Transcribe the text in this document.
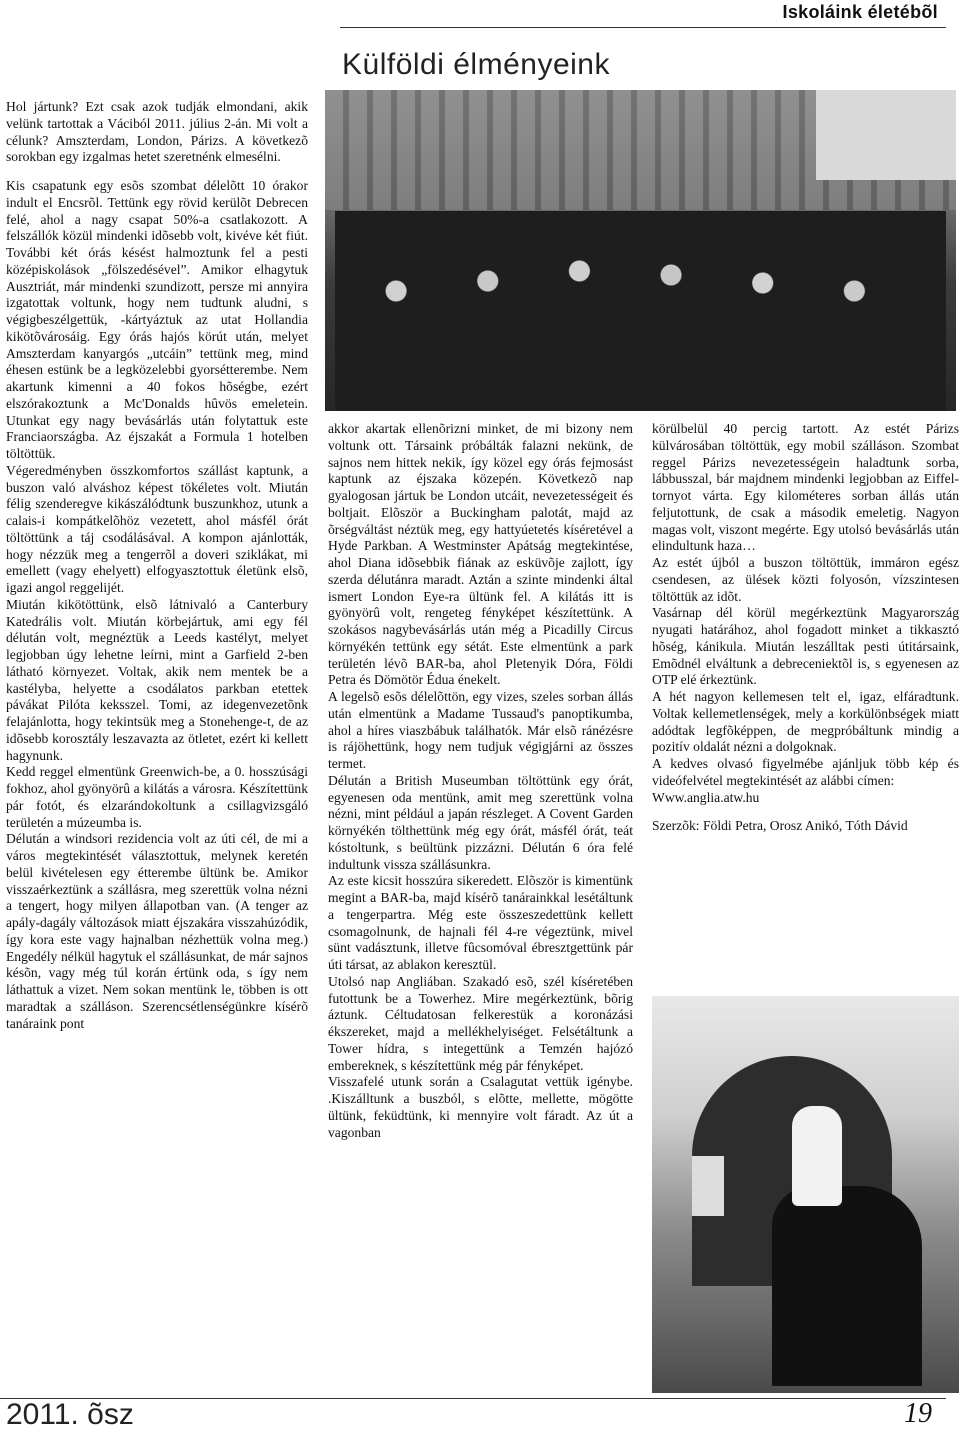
Iskoláink életébõl
Külföldi élményeink

Hol jártunk? Ezt csak azok tudják elmondani, akik velünk tartottak a Váciból 2011. július 2-án. Mi volt a célunk? Amszterdam, London, Párizs. A következõ sorokban egy izgalmas hetet szeretnénk elmesélni.

Kis csapatunk egy esõs szombat délelõtt 10 órakor indult el Encsrõl. Tettünk egy rövid kerülõt Debrecen felé, ahol a nagy csapat 50%-a csatlakozott. A felszállók közül mindenki idõsebb volt, kivéve két fiút. További két órás késést halmoztunk fel a pesti középiskolások „fölszedésével”. Amikor elhagytuk Ausztriát, már mindenki szundizott, persze mi annyira izgatottak voltunk, hogy nem tudtunk aludni, s végigbeszélgettük, -kártyáztuk az utat Hollandia kikötõvárosáig. Egy órás hajós körút után, melyet Amszterdam kanyargós „utcáin” tettünk meg, mind éhesen estünk be a legközelebbi gyorsétterembe. Nem akartunk kimenni a 40 fokos hõségbe, ezért elszórakoztunk a Mc'Donalds hûvös emeletein. Utunkat egy nagy bevásárlás után folytattuk este Franciaországba. Az éjszakát a Formula 1 hotelben töltöttük.

Végeredményben összkomfortos szállást kaptunk, a buszon való alváshoz képest tökéletes volt. Miután félig szenderegve kikászálódtunk buszunkhoz, utunk a calais-i kompátkelõhöz vezetett, ahol másfél órát töltöttünk a táj csodálásával. A kompon ajánlották, hogy nézzük meg a tengerrõl a doveri sziklákat, mi emellett (vagy ehelyett) elfogyasztottuk életünk elsõ, igazi angol reggelijét.

Miután kikötöttünk, elsõ látnivaló a Canterbury Katedrális volt. Miután körbejártuk, ami egy fél délután volt, megnéztük a Leeds kastélyt, melyet legjobban úgy lehetne leírni, mint a Garfield 2-ben látható környezet. Voltak, akik nem mentek be a kastélyba, helyette a csodálatos parkban etettek pávákat Pilóta keksszel. Tomi, az idegenvezetõnk felajánlotta, hogy tekintsük meg a Stonehenge-t, de az idõsebb korosztály leszavazta az ötletet, ezért ki kellett hagynunk.

Kedd reggel elmentünk Greenwich-be, a 0. hosszúsági fokhoz, ahol gyönyörû a kilátás a városra. Készítettünk pár fotót, és elzarándokoltunk a csillagvizsgáló területén a múzeumba is.

Délután a windsori rezidencia volt az úti cél, de mi a város megtekintését választottuk, melynek keretén belül kivételesen egy étterembe ültünk be. Amikor visszaérkeztünk a szállásra, meg szerettük volna nézni a tengert, hogy milyen állapotban van. (A tenger az apály-dagály változások miatt éjszakára visszahúzódik, így kora este vagy hajnalban nézhettük volna meg.) Engedély nélkül hagytuk el szállásunkat, de már sajnos késõn, vagy még túl korán értünk oda, s így nem láthattuk a vizet. Nem sokan mentünk le, többen is ott maradtak a szálláson. Szerencsétlenségünkre kísérõ tanáraink pont

akkor akartak ellenõrizni minket, de mi bizony nem voltunk ott. Társaink próbálták falazni nekünk, de sajnos nem hittek nekik, így közel egy órás fejmosást kaptunk az éjszaka közepén. Következõ nap gyalogosan jártuk be London utcáit, nevezetességeit és boltjait. Elõször a Buckingham palotát, majd az õrségváltást néztük meg, egy hattyúetetés kíséretével a Hyde Parkban. A Westminster Apátság megtekintése, ahol Diana idõsebbik fiának az esküvõje zajlott, így szerda délutánra maradt. Aztán a szinte mindenki által ismert London Eye-ra ültünk fel. A kilátás itt is gyönyörû volt, rengeteg fényképet készítettünk. A szokásos nagybevásárlás után még a Picadilly Circus környékén tettünk egy sétát. Este elmentünk a park területén lévõ BAR-ba, ahol Pletenyik Dóra, Földi Petra és Dömötör Édua énekelt.

A legelsõ esõs délelõttön, egy vizes, szeles sorban állás után elmentünk a Madame Tussaud's panoptikumba, ahol a híres viaszbábuk találhatók. Már elsõ ránézésre is rájöhettünk, hogy nem tudjuk végigjárni az összes termet.

Délután a British Museumban töltöttünk egy órát, egyenesen oda mentünk, amit meg szerettünk volna nézni, mint például a japán részleget. A Covent Garden környékén tölthettünk még egy órát, másfél órát, teát kóstoltunk, s beültünk pizzázni. Délután 6 óra felé indultunk vissza szállásunkra.

Az este kicsit hosszúra sikeredett. Elõször is kimentünk megint a BAR-ba, majd kísérõ tanárainkkal lesétáltunk a tengerpartra. Még este összeszedettünk kellett csomagolnunk, de hajnali fél 4-re végeztünk, mivel sünt vadásztunk, illetve fûcsomóval ébresztgettünk pár úti társat, az ablakon keresztül.

Utolsó nap Angliában. Szakadó esõ, szél kíséretében futottunk be a Towerhez. Mire megérkeztünk, bõrig áztunk. Céltudatosan felkerestük a koronázási ékszereket, majd a mellékhelyiséget. Felsétáltunk a Tower hídra, s integettünk a Temzén hajózó embereknek, s készítettünk még pár fényképet.

Visszafelé utunk során a Csalagutat vettük igénybe. .Kiszálltunk a buszból, s elõtte, mellette, mögötte ültünk, feküdtünk, ki mennyire volt fáradt. Az út a vagonban

körülbelül 40 percig tartott. Az estét Párizs külvárosában töltöttük, egy mobil szálláson. Szombat reggel Párizs nevezetességein haladtunk sorba, lábbusszal, bár majdnem mindenki legjobban az Eiffel-tornyot várta. Egy kilométeres sorban állás után feljutottunk, de csak a második emeletig. Nagyon magas volt, viszont megérte. Egy utolsó bevásárlás után elindultunk haza…

Az estét újból a buszon töltöttük, immáron egész csendesen, az ülések közti folyosón, vízszintesen töltöttük az idõt.

Vasárnap dél körül megérkeztünk Magyarország nyugati határához, ahol fogadott minket a tikkasztó hõség, kánikula. Miután leszálltak pesti útitársaink, Emõdnél elváltunk a debreceniektõl is, s egyenesen az OTP elé érkeztünk.

A hét nagyon kellemesen telt el, igaz, elfáradtunk. Voltak kellemetlenségek, mely a korkülönbségek miatt adódtak legfõképpen, de megpróbáltunk mindig a pozitív oldalát nézni a dolgoknak.

A kedves olvasó figyelmébe ajánljuk több kép és videófelvétel megtekintését az alábbi címen:

Www.anglia.atw.hu

Szerzõk: Földi Petra, Orosz Anikó, Tóth Dávid

2011. õsz	19
